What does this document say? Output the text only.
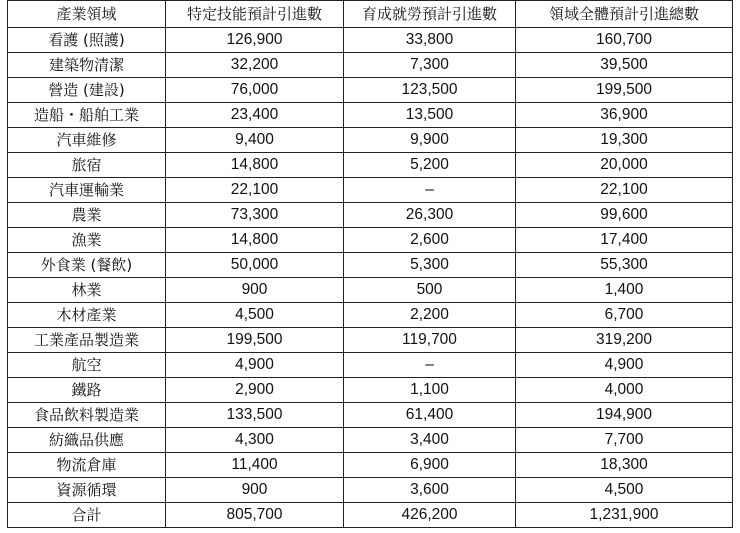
產業領域	特定技能預計引進數	育成就勞預計引進數	領域全體預計引進總數
看護 (照護)	126,900	33,800	160,700
建築物清潔	32,200	7,300	39,500
營造 (建設)	76,000	123,500	199,500
造船・船舶工業	23,400	13,500	36,900
汽車維修	9,400	9,900	19,300
旅宿	14,800	5,200	20,000
汽車運輸業	22,100	–	22,100
農業	73,300	26,300	99,600
漁業	14,800	2,600	17,400
外食業 (餐飲)	50,000	5,300	55,300
林業	900	500	1,400
木材產業	4,500	2,200	6,700
工業產品製造業	199,500	119,700	319,200
航空	4,900	–	4,900
鐵路	2,900	1,100	4,000
食品飲料製造業	133,500	61,400	194,900
紡織品供應	4,300	3,400	7,700
物流倉庫	11,400	6,900	18,300
資源循環	900	3,600	4,500
合計	805,700	426,200	1,231,900
